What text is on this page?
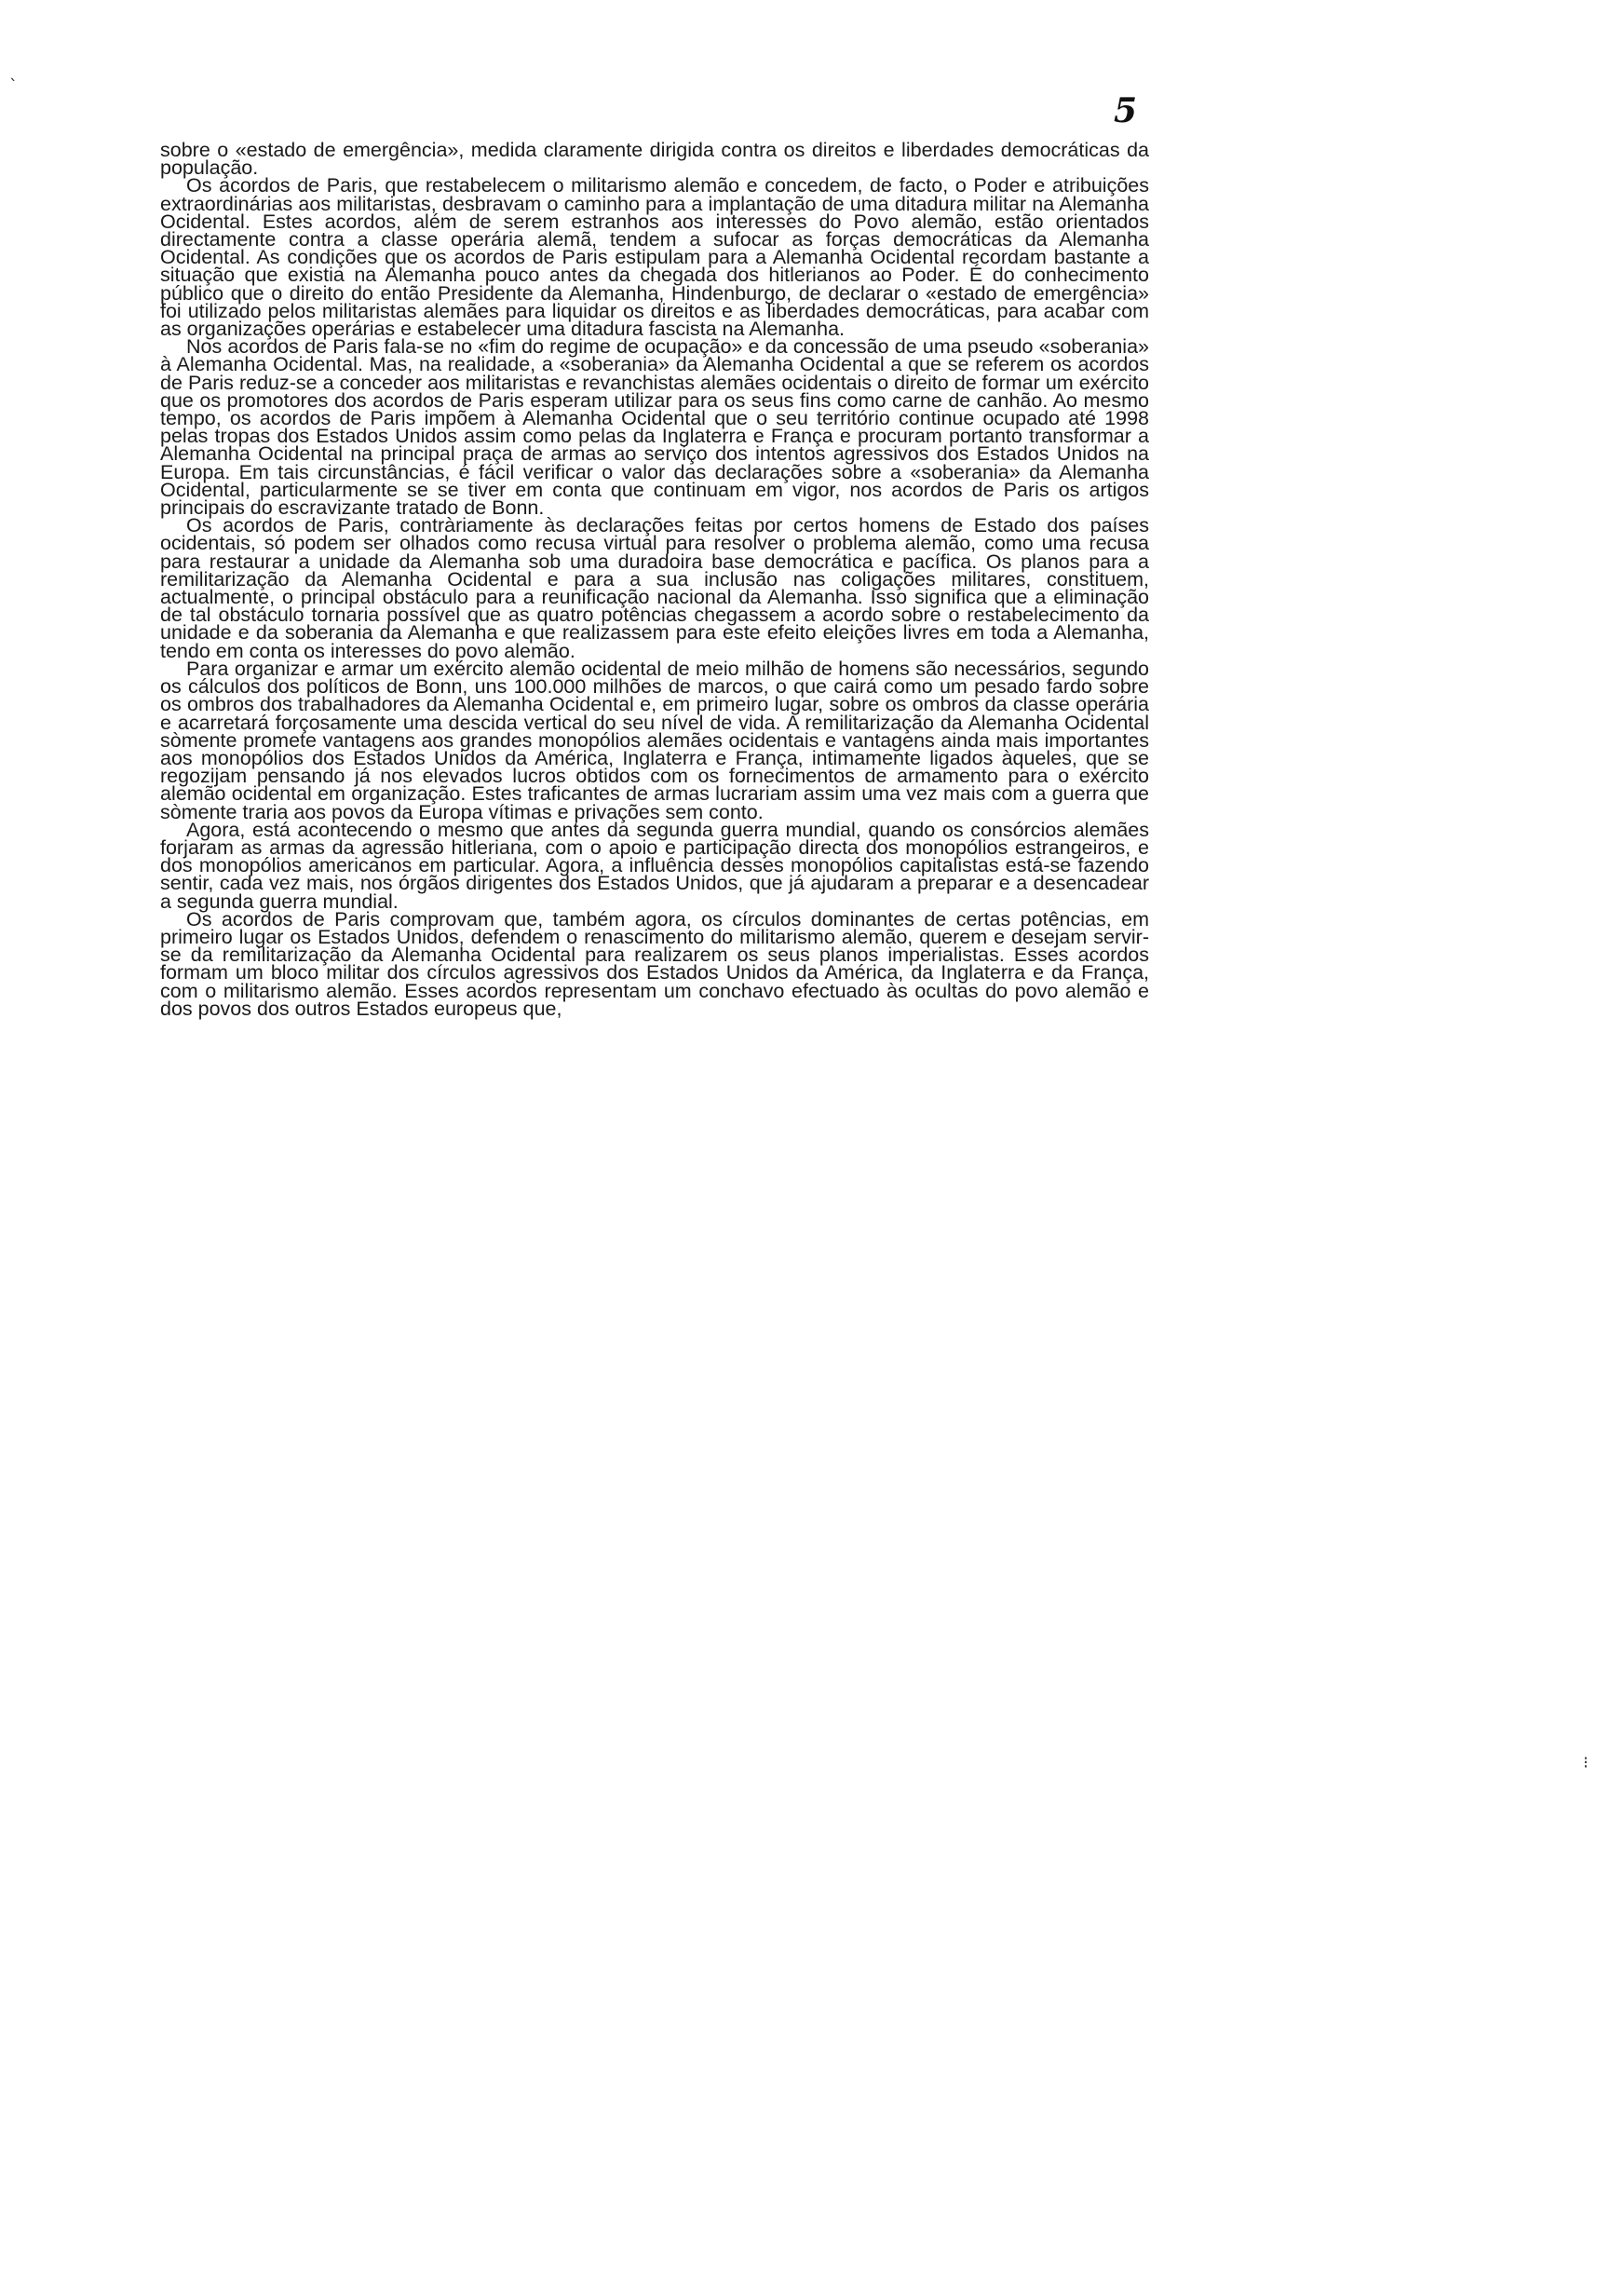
5

sobre o «estado de emergência», medida claramente dirigida contra os direitos e liberdades democráticas da população.

Os acordos de Paris, que restabelecem o militarismo alemão e concedem, de facto, o Poder e atribuições extraordinárias aos militaristas, desbravam o caminho para a implantação de uma ditadura militar na Alemanha Ocidental. Estes acordos, além de serem estranhos aos interesses do Povo alemão, estão orientados directamente contra a classe operária alemã, tendem a sufocar as forças democráticas da Alemanha Ocidental. As condições que os acordos de Paris estipulam para a Alemanha Ocidental recordam bastante a situação que existia na Alemanha pouco antes da chegada dos hitlerianos ao Poder. É do conhecimento público que o direito do então Presidente da Alemanha, Hindenburgo, de declarar o «estado de emergência» foi utilizado pelos militaristas alemães para liquidar os direitos e as liberdades democráticas, para acabar com as organizações operárias e estabelecer uma ditadura fascista na Alemanha.

Nos acordos de Paris fala-se no «fim do regime de ocupação» e da concessão de uma pseudo «soberania» à Alemanha Ocidental. Mas, na realidade, a «soberania» da Alemanha Ocidental a que se referem os acordos de Paris reduz-se a conceder aos militaristas e revanchistas alemães ocidentais o direito de formar um exército que os promotores dos acordos de Paris esperam utilizar para os seus fins como carne de canhão. Ao mesmo tempo, os acordos de Paris impõem à Alemanha Ocidental que o seu território continue ocupado até 1998 pelas tropas dos Estados Unidos assim como pelas da Inglaterra e França e procuram portanto transformar a Alemanha Ocidental na principal praça de armas ao serviço dos intentos agressivos dos Estados Unidos na Europa. Em tais circunstâncias, é fácil verificar o valor das declarações sobre a «soberania» da Alemanha Ocidental, particularmente se se tiver em conta que continuam em vigor, nos acordos de Paris os artigos principais do escravizante tratado de Bonn.

Os acordos de Paris, contràriamente às declarações feitas por certos homens de Estado dos países ocidentais, só podem ser olhados como recusa virtual para resolver o problema alemão, como uma recusa para restaurar a unidade da Alemanha sob uma duradoira base democrática e pacífica. Os planos para a remilitarização da Alemanha Ocidental e para a sua inclusão nas coligações militares, constituem, actualmente, o principal obstáculo para a reunificação nacional da Alemanha. Isso significa que a eliminação de tal obstáculo tornaria possível que as quatro potências chegassem a acordo sobre o restabelecimento da unidade e da soberania da Alemanha e que realizassem para este efeito eleições livres em toda a Alemanha, tendo em conta os interesses do povo alemão.

Para organizar e armar um exército alemão ocidental de meio milhão de homens são necessários, segundo os cálculos dos políticos de Bonn, uns 100.000 milhões de marcos, o que cairá como um pesado fardo sobre os ombros dos trabalhadores da Alemanha Ocidental e, em primeiro lugar, sobre os ombros da classe operária e acarretará forçosamente uma descida vertical do seu nível de vida. A remilitarização da Alemanha Ocidental sòmente promete vantagens aos grandes monopólios alemães ocidentais e vantagens ainda mais importantes aos monopólios dos Estados Unidos da América, Inglaterra e França, intimamente ligados àqueles, que se regozijam pensando já nos elevados lucros obtidos com os fornecimentos de armamento para o exército alemão ocidental em organização. Estes traficantes de armas lucrariam assim uma vez mais com a guerra que sòmente traria aos povos da Europa vítimas e privações sem conto.

Agora, está acontecendo o mesmo que antes da segunda guerra mundial, quando os consórcios alemães forjaram as armas da agressão hitleriana, com o apoio e participação directa dos monopólios estrangeiros, e dos monopólios americanos em particular. Agora, a influência desses monopólios capitalistas está-se fazendo sentir, cada vez mais, nos órgãos dirigentes dos Estados Unidos, que já ajudaram a preparar e a desencadear a segunda guerra mundial.

Os acordos de Paris comprovam que, também agora, os círculos dominantes de certas potências, em primeiro lugar os Estados Unidos, defendem o renascimento do militarismo alemão, querem e desejam servir-se da remilitarização da Alemanha Ocidental para realizarem os seus planos imperialistas. Esses acordos formam um bloco militar dos círculos agressivos dos Estados Unidos da América, da Inglaterra e da França, com o militarismo alemão. Esses acordos representam um conchavo efectuado às ocultas do povo alemão e dos povos dos outros Estados europeus que,

ˋ
⁝
